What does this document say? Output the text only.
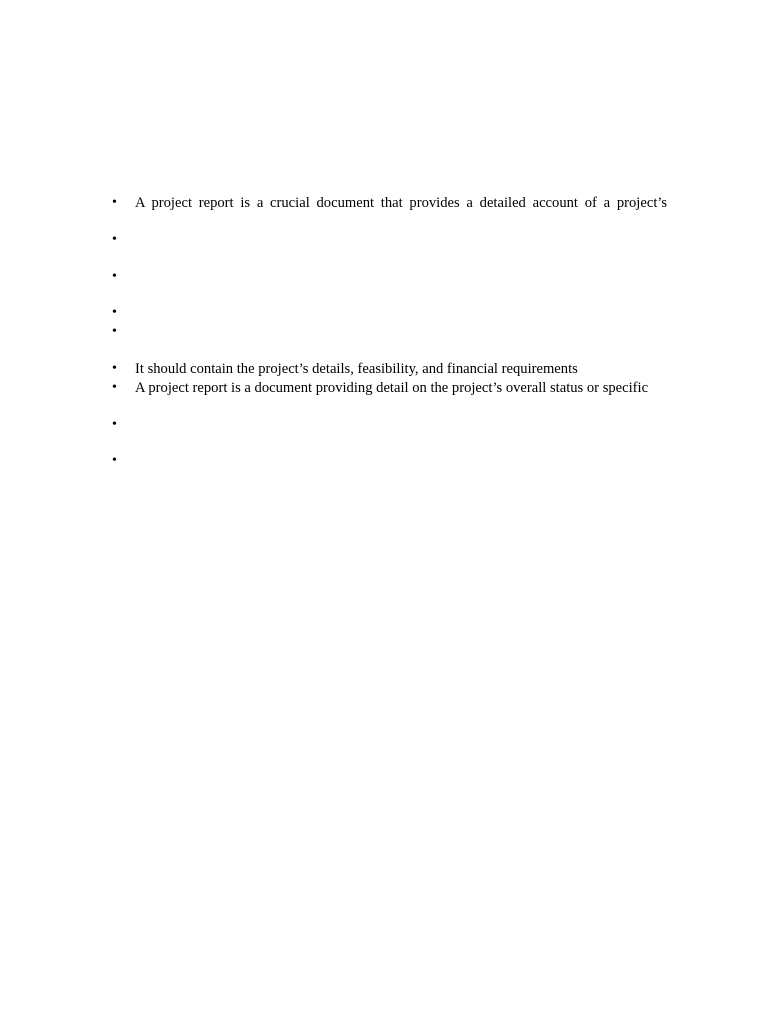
•	A project report is a crucial document that provides a detailed account of a project’s
•
•
•
•
•	It should contain the project’s details, feasibility, and financial requirements
•	A project report is a document providing detail on the project’s overall status or specific
•
•
